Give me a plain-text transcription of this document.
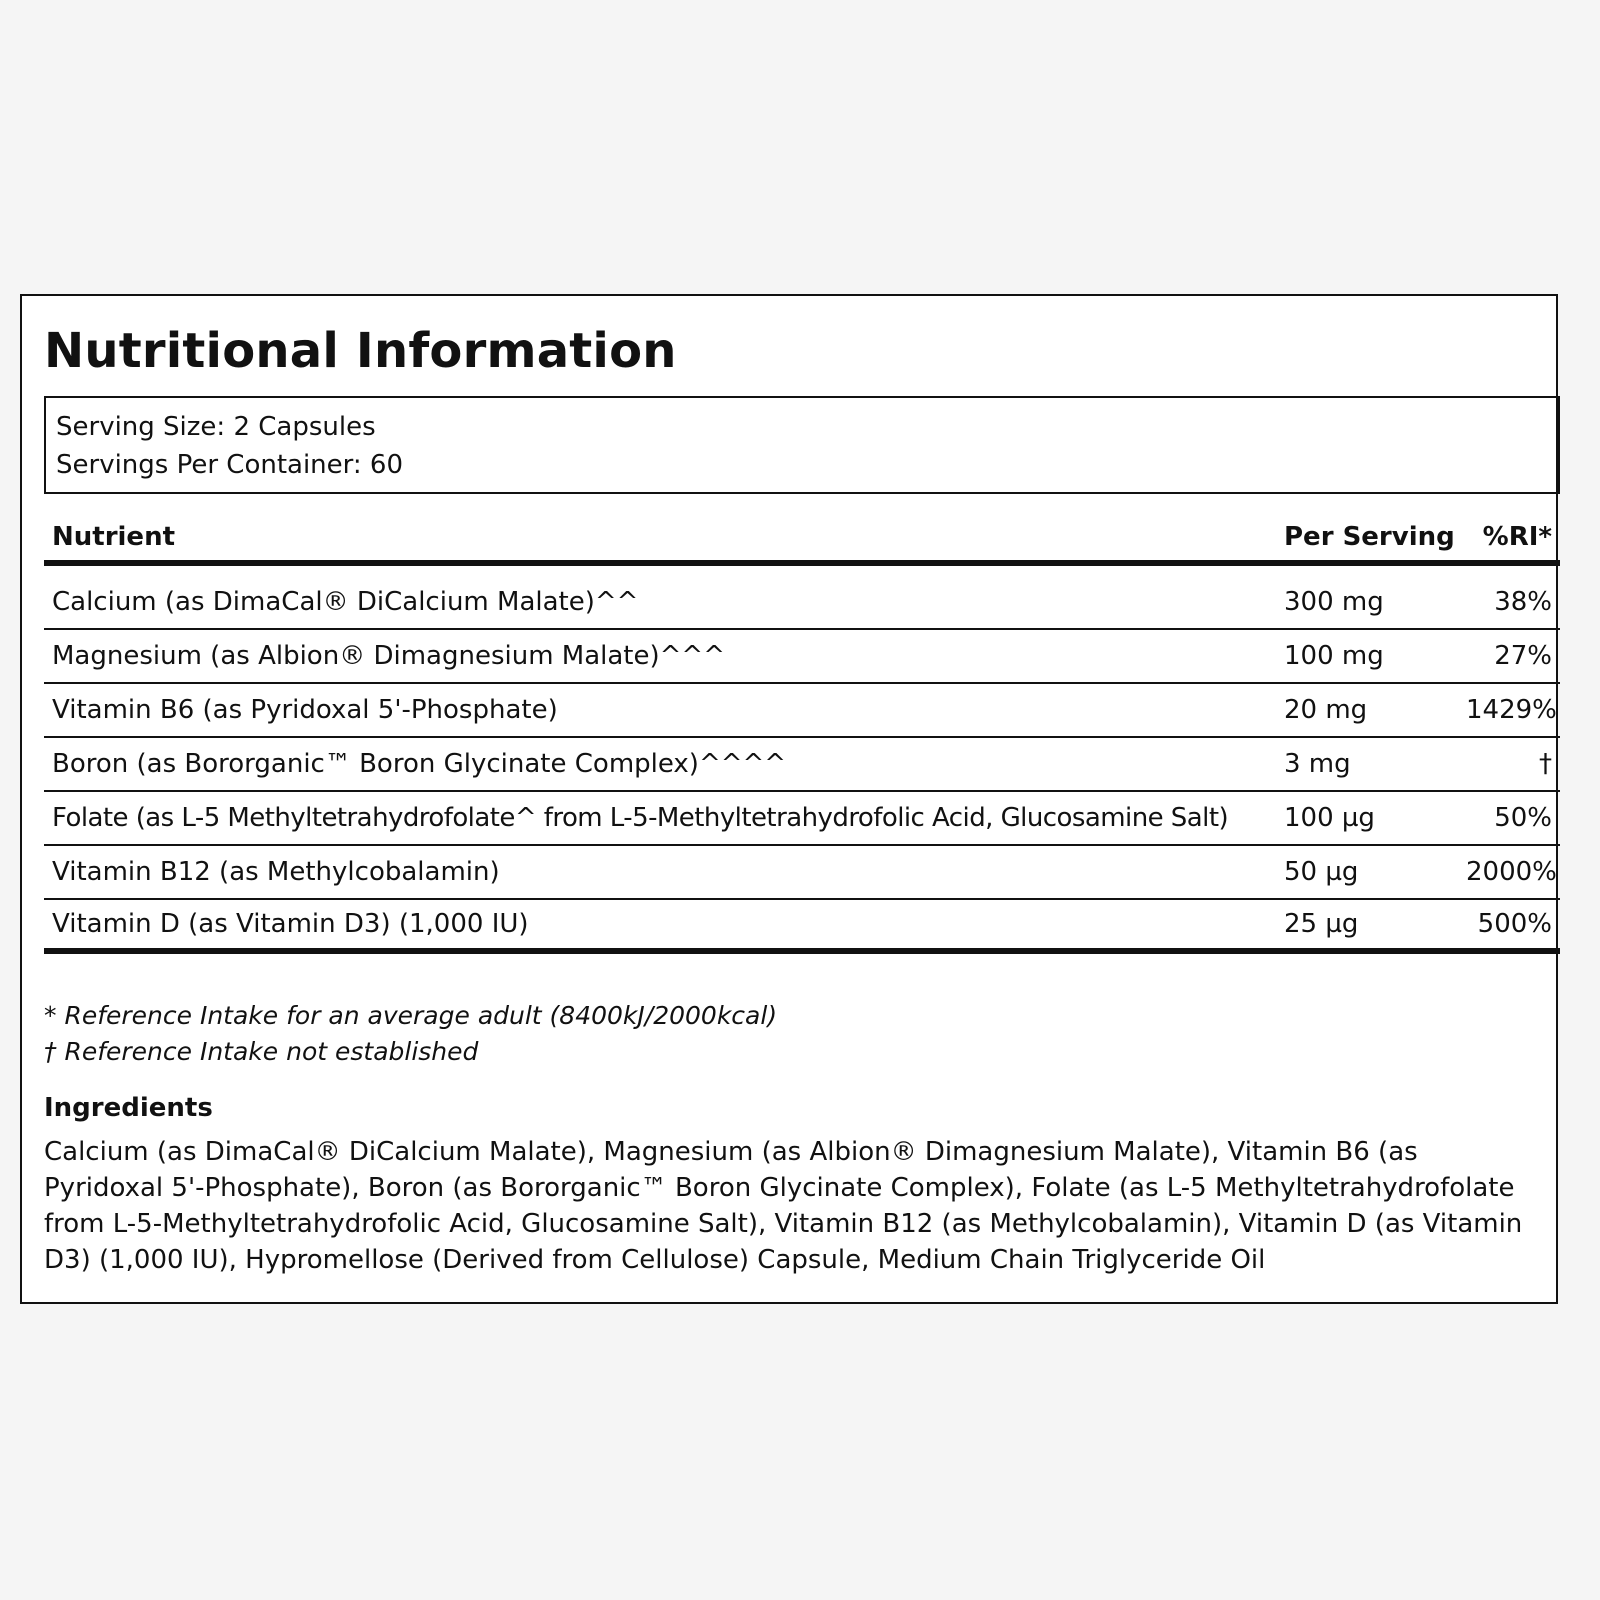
Nutritional Information
Serving Size: 2 Capsules
Servings Per Container: 60
Nutrient	Per Serving	%RI*
Calcium (as DimaCal® DiCalcium Malate)^^	300 mg	38%
Magnesium (as Albion® Dimagnesium Malate)^^^	100 mg	27%
Vitamin B6 (as Pyridoxal 5'-Phosphate)	20 mg	1429%
Boron (as Bororganic™ Boron Glycinate Complex)^^^^	3 mg	†
Folate (as L-5 Methyltetrahydrofolate^ from L-5-Methyltetrahydrofolic Acid, Glucosamine Salt)	100 µg	50%
Vitamin B12 (as Methylcobalamin)	50 µg	2000%
Vitamin D (as Vitamin D3) (1,000 IU)	25 µg	500%
* Reference Intake for an average adult (8400kJ/2000kcal)
† Reference Intake not established
Ingredients

Calcium (as DimaCal® DiCalcium Malate), Magnesium (as Albion® Dimagnesium Malate), Vitamin B6 (as Pyridoxal 5'-Phosphate), Boron (as Bororganic™ Boron Glycinate Complex), Folate (as L-5 Methyltetrahydrofolate from L-5-Methyltetrahydrofolic Acid, Glucosamine Salt), Vitamin B12 (as Methylcobalamin), Vitamin D (as Vitamin D3) (1,000 IU), Hypromellose (Derived from Cellulose) Capsule, Medium Chain Triglyceride Oil
